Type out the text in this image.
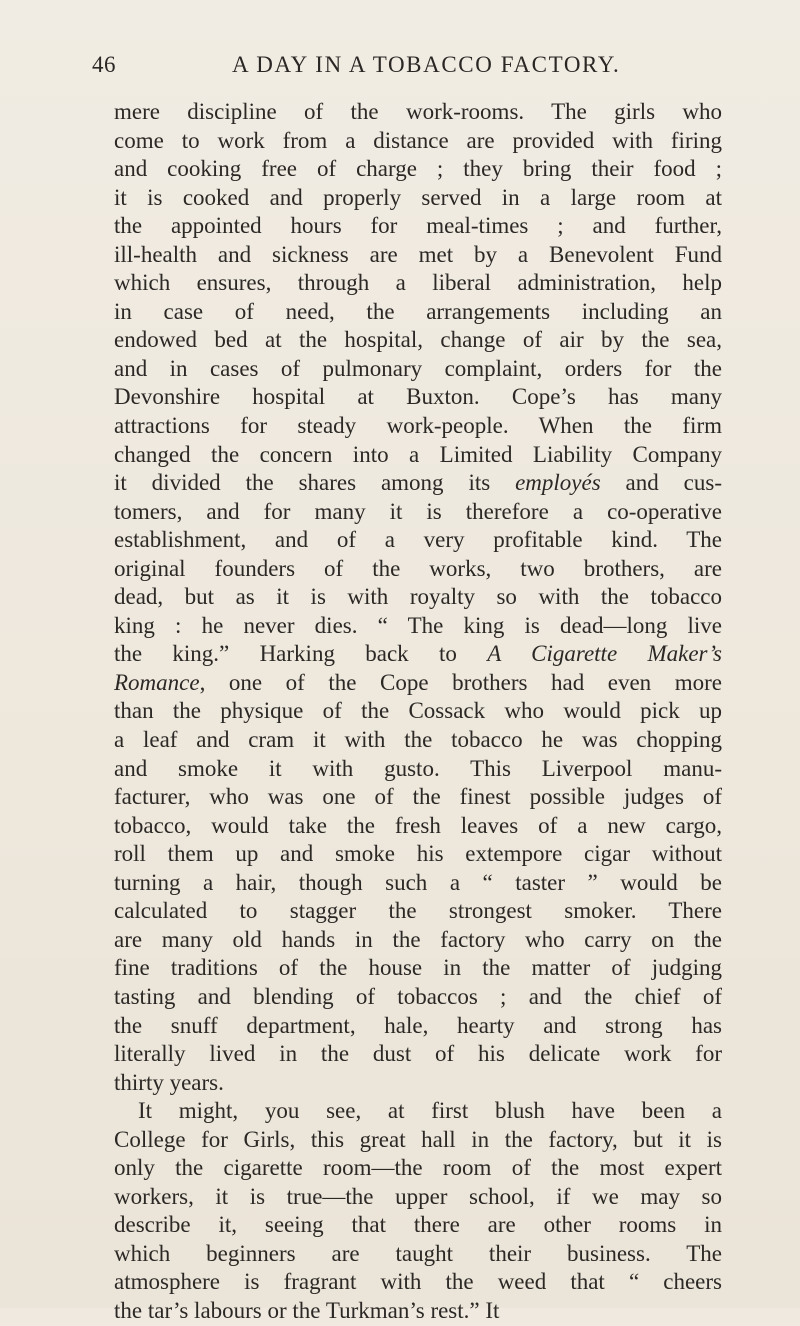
46	A DAY IN A TOBACCO FACTORY.
mere discipline of the work-rooms. The girls who
come to work from a distance are provided with firing
and cooking free of charge ; they bring their food ;
it is cooked and properly served in a large room at
the appointed hours for meal-times ; and further,
ill-health and sickness are met by a Benevolent Fund
which ensures, through a liberal administration, help
in case of need, the arrangements including an
endowed bed at the hospital, change of air by the sea,
and in cases of pulmonary complaint, orders for the
Devonshire hospital at Buxton. Cope’s has many
attractions for steady work-people. When the firm
changed the concern into a Limited Liability Company
it divided the shares among its employés and cus-
tomers, and for many it is therefore a co-operative
establishment, and of a very profitable kind. The
original founders of the works, two brothers, are
dead, but as it is with royalty so with the tobacco
king : he never dies. “ The king is dead—long live
the king.” Harking back to A Cigarette Maker’s
Romance, one of the Cope brothers had even more
than the physique of the Cossack who would pick up
a leaf and cram it with the tobacco he was chopping
and smoke it with gusto. This Liverpool manu-
facturer, who was one of the finest possible judges of
tobacco, would take the fresh leaves of a new cargo,
roll them up and smoke his extempore cigar without
turning a hair, though such a “ taster ” would be
calculated to stagger the strongest smoker. There
are many old hands in the factory who carry on the
fine traditions of the house in the matter of judging
tasting and blending of tobaccos ; and the chief of
the snuff department, hale, hearty and strong has
literally lived in the dust of his delicate work for
thirty years.
It might, you see, at first blush have been a
College for Girls, this great hall in the factory, but it is
only the cigarette room—the room of the most expert
workers, it is true—the upper school, if we may so
describe it, seeing that there are other rooms in
which beginners are taught their business. The
atmosphere is fragrant with the weed that “ cheers
the tar’s labours or the Turkman’s rest.” It
